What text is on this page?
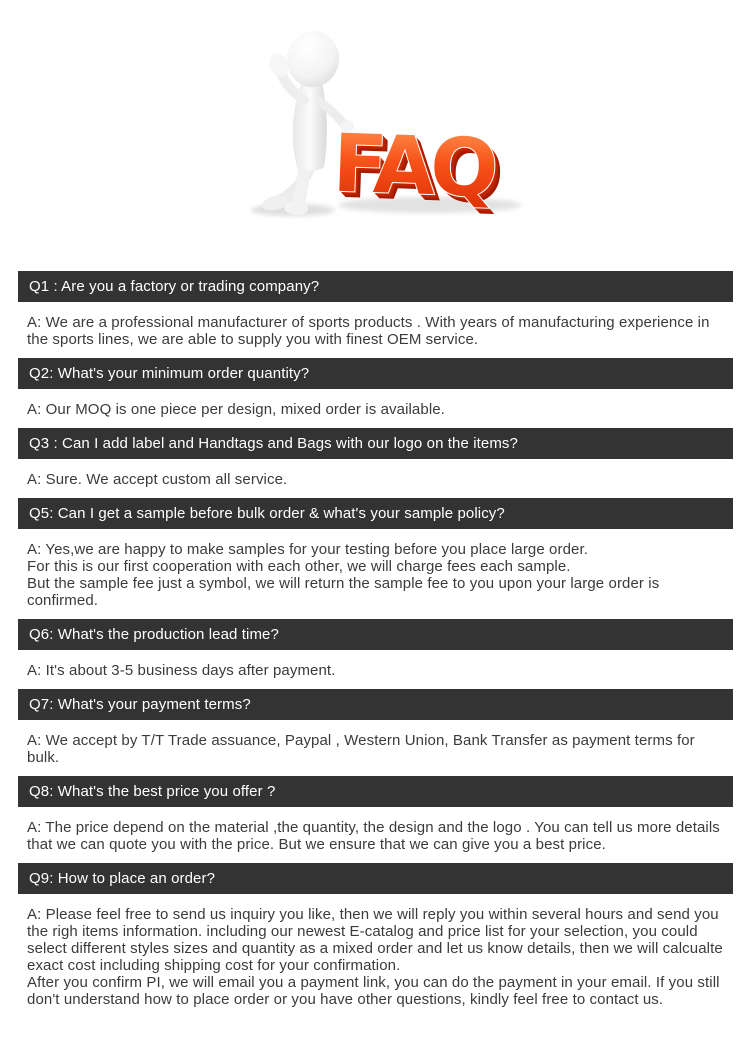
Q1 : Are you a factory or trading company?

A: We are a professional manufacturer of sports products . With years of manufacturing experience in the sports lines, we are able to supply you with finest OEM service.

Q2: What's your minimum order quantity?

A: Our MOQ is one piece per design, mixed order is available.

Q3 : Can I add label and Handtags and Bags with our logo on the items?

A: Sure. We accept custom all service.

Q5: Can I get a sample before bulk order & what's your sample policy?

A: Yes,we are happy to make samples for your testing before you place large order.

For this is our first cooperation with each other, we will charge fees each sample.

But the sample fee just a symbol, we will return the sample fee to you upon your large order is confirmed.

Q6: What's the production lead time?

A: It's about 3-5 business days after payment.

Q7: What's your payment terms?

A: We accept by T/T Trade assuance, Paypal , Western Union, Bank Transfer as payment terms for bulk.

Q8: What's the best price you offer ?

A: The price depend on the material ,the quantity, the design and the logo . You can tell us more details that we can quote you with the price. But we ensure that we can give you a best price.

Q9: How to place an order?

A: Please feel free to send us inquiry you like, then we will reply you within several hours and send you the righ items information. including our newest E-catalog and price list for your selection, you could select different styles sizes and quantity as a mixed order and let us know details, then we will calcualte exact cost including shipping cost for your confirmation.

After you confirm PI, we will email you a payment link, you can do the payment in your email. If you still don't understand how to place order or you have other questions, kindly feel free to contact us.
